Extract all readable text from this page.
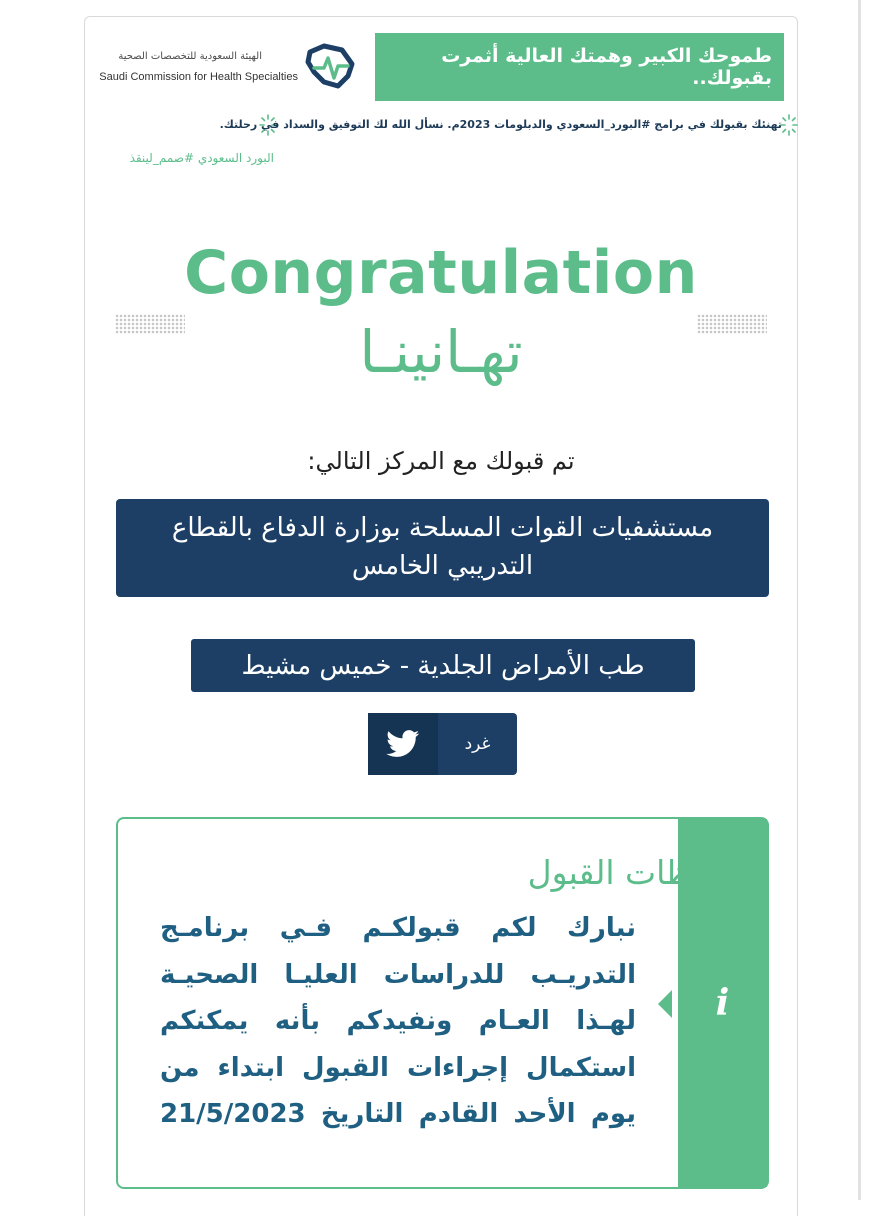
طموحك الكبير وهمتك العالية أثمرت بقبولك..
الهيئة السعودية للتخصصات الصحية
Saudi Commission for Health Specialties
تهنئك بقبولك في برامج #البورد_السعودي والدبلومات 2023م. نسأل الله لك التوفيق والسداد في رحلتك.
البورد السعودي #صمم_لينقذ
Congratulation
تهـانينـا
تم قبولك مع المركز التالي:
مستشفيات القوات المسلحة بوزارة الدفاع بالقطاع التدريبي الخامس
طب الأمراض الجلدية - خميس مشيط
غرد
i
ملاحظات القبول
نبارك لكم قبولكـم فـي برنامـج
التدريـب للدراسات العليـا الصحيـة
لهـذا العـام ونفيدكم بأنه يمكنكم
استكمال إجراءات القبول ابتداء من
يوم الأحد القادم التاريخ 21/5/2023
